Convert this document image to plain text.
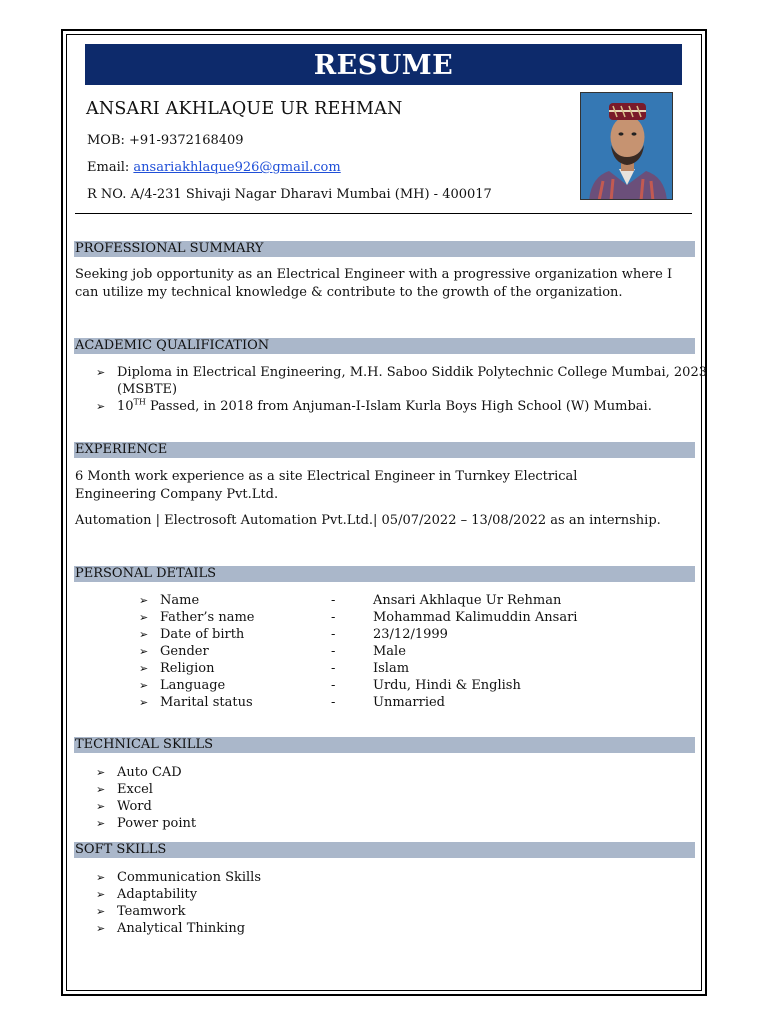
RESUME
ANSARI AKHLAQUE UR REHMAN
MOB: +91-9372168409
Email: ansariakhlaque926@gmail.com
R NO. A/4-231 Shivaji Nagar Dharavi Mumbai (MH) - 400017
PROFESSIONAL SUMMARY
Seeking job opportunity as an Electrical Engineer with a progressive organization where I can utilize my technical knowledge & contribute to the growth of the organization.
ACADEMIC QUALIFICATION
➢ Diploma in Electrical Engineering, M.H. Saboo Siddik Polytechnic College Mumbai, 2023
(MSBTE)
➢ 10TH Passed, in 2018 from Anjuman-I-Islam Kurla Boys High School (W) Mumbai.
EXPERIENCE
6 Month work experience as a site Electrical Engineer in Turnkey Electrical Engineering Company Pvt.Ltd.
Automation | Electrosoft Automation Pvt.Ltd.| 05/07/2022 – 13/08/2022 as an internship.
PERSONAL DETAILS
➢ Name	-	Ansari Akhlaque Ur Rehman
➢ Father’s name	-	Mohammad Kalimuddin Ansari
➢ Date of birth	-	23/12/1999
➢ Gender	-	Male
➢ Religion	-	Islam
➢ Language	-	Urdu, Hindi & English
➢ Marital status	-	Unmarried
TECHNICAL SKILLS
➢ Auto CAD
➢ Excel
➢ Word
➢ Power point
SOFT SKILLS
➢ Communication Skills
➢ Adaptability
➢ Teamwork
➢ Analytical Thinking
